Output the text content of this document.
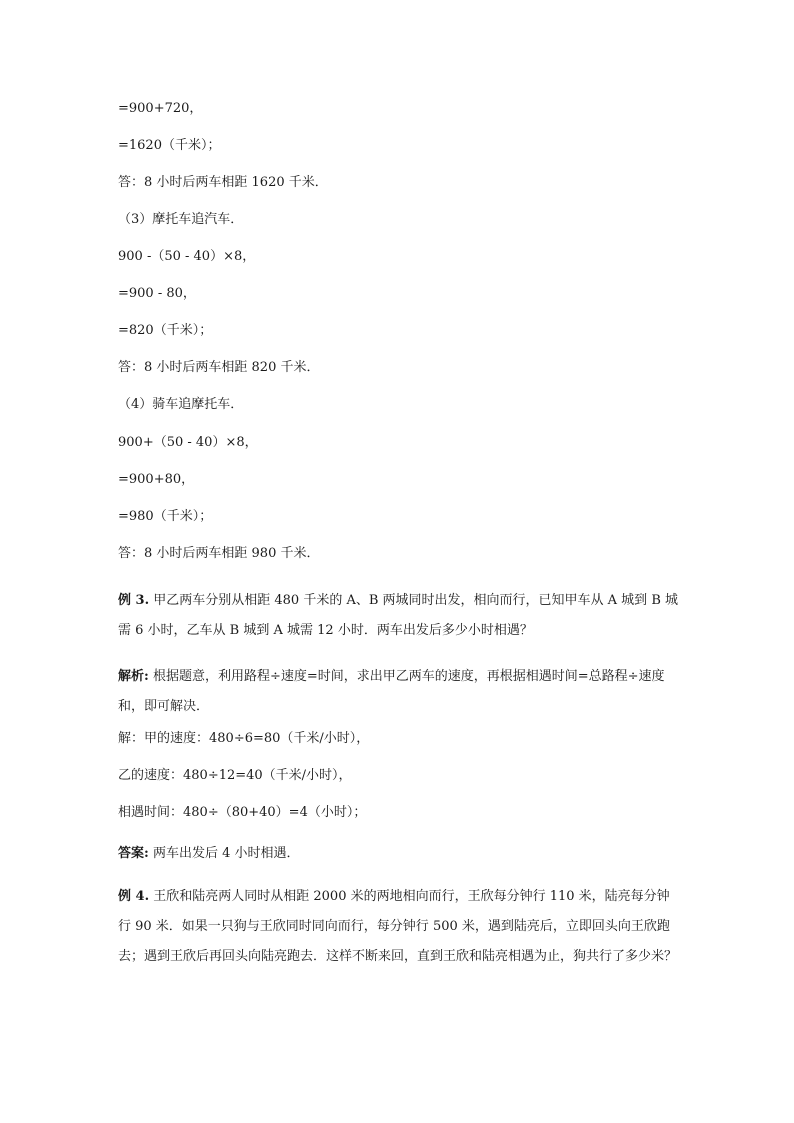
=900+720，
=1620（千米）；
答：8 小时后两车相距 1620 千米．
（3）摩托车追汽车．
900 -（50 - 40）×8，
=900 - 80，
=820（千米）；
答：8 小时后两车相距 820 千米．
（4）骑车追摩托车．
900+（50 - 40）×8，
=900+80，
=980（千米）；
答：8 小时后两车相距 980 千米．
例 3. 甲乙两车分别从相距 480 千米的 A、B 两城同时出发，相向而行，已知甲车从 A 城到 B 城需 6 小时，乙车从 B 城到 A 城需 12 小时．两车出发后多少小时相遇？
解析: 根据题意，利用路程÷速度=时间，求出甲乙两车的速度，再根据相遇时间=总路程÷速度和，即可解决．
解：甲的速度：480÷6=80（千米/小时），
乙的速度：480÷12=40（千米/小时），
相遇时间：480÷（80+40）=4（小时）；
答案: 两车出发后 4 小时相遇．
例 4. 王欣和陆亮两人同时从相距 2000 米的两地相向而行，王欣每分钟行 110 米，陆亮每分钟行 90 米．如果一只狗与王欣同时同向而行，每分钟行 500 米，遇到陆亮后，立即回头向王欣跑去；遇到王欣后再回头向陆亮跑去．这样不断来回，直到王欣和陆亮相遇为止，狗共行了多少米？
